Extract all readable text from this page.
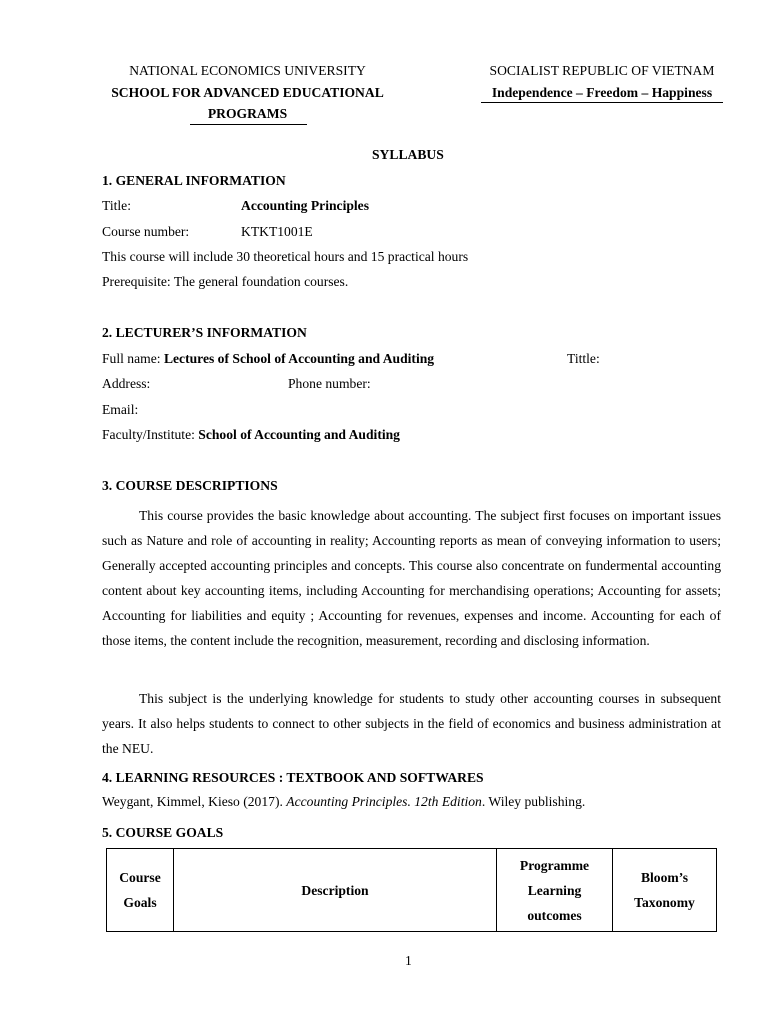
NATIONAL ECONOMICS UNIVERSITY
SCHOOL FOR ADVANCED EDUCATIONAL
PROGRAMS
SOCIALIST REPUBLIC OF VIETNAM
Independence – Freedom – Happiness
SYLLABUS
1. GENERAL INFORMATION
Title:	Accounting Principles
Course number:	KTKT1001E
This course will include 30 theoretical hours and 15 practical hours
Prerequisite: The general foundation courses.
2. LECTURER’S INFORMATION
Full name: Lectures of School of Accounting and Auditing	Tittle:
Address:	Phone number:
Email:
Faculty/Institute: School of Accounting and Auditing
3. COURSE DESCRIPTIONS
This course provides the basic knowledge about accounting. The subject first focuses on important issues such as Nature and role of accounting in reality; Accounting reports as mean of conveying information to users; Generally accepted accounting principles and concepts. This course also concentrate on fundermental accounting content about key accounting items, including Accounting for merchandising operations; Accounting for assets; Accounting for liabilities and equity ; Accounting for revenues, expenses and income. Accounting for each of those items, the content include the recognition, measurement, recording and disclosing information.
This subject is the underlying knowledge for students to study other accounting courses in subsequent years. It also helps students to connect to other subjects in the field of economics and business administration at the NEU.
4. LEARNING RESOURCES : TEXTBOOK AND SOFTWARES
Weygant, Kimmel, Kieso (2017). Accounting Principles. 12th Edition. Wiley publishing.
5. COURSE GOALS
Course Goals	Description	Programme Learning outcomes	Bloom’s Taxonomy
1
